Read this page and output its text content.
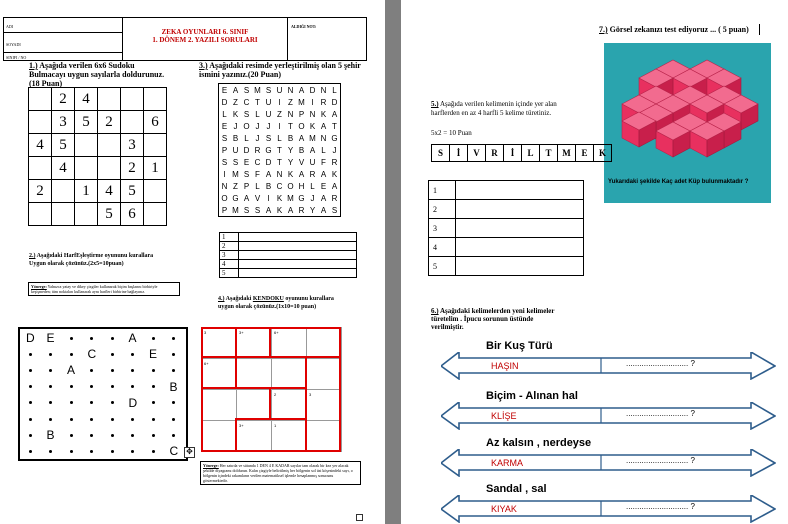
ADI
SOYADI
SINIFI / NO
ZEKA OYUNLARI 6. SINIF
1. DÖNEM 2. YAZILI SORULARI
ALDIĞI NOT:
1.) Aşağıda verilen 6x6 Sudoku
Bulmacayı uygun sayılarla doldurunuz.
(18 Puan)
	2	4			
	3	5	2		6
4	5			3	
	4			2	1
2		1	4	5	
			5	6	
3.) Aşağıdaki resimde yerleştirilmiş olan 5 şehir
ismini yazınız.(20 Puan)
E	A	S	M	S	U	N	A	D	N	L
D	Z	C	T	U	I	Z	M	I	R	D
L	K	S	L	U	Z	N	P	N	K	A
E	J	O	J	J	I	T	O	K	A	T
S	B	L	J	S	L	B	A	M	N	G
P	U	D	R	G	T	Y	B	A	L	J
S	S	E	C	D	T	Y	V	U	F	R
I	M	S	F	A	N	K	A	R	A	K
N	Z	P	L	B	C	O	H	L	E	A
O	G	A	V	I	K	M	G	J	A	R
P	M	S	S	A	K	A	R	Y	A	S
1	
2	
3	
4	
5	
2.) Aşağıdaki HarfEşleştirme oyununu kurallara
Uygun olarak çözünüz.(2x5=10puan)
Yönerge: Yalnızca yatay ve dikey çizgiler kullanarak biçim başlarını birbiriyle keşişmeden; tüm noktaları kullanarak aynı harfleri birbirine bağlayınız.
D E	A
C	E
A
B
D
B
C ✥
4.) Aşağıdaki KENDOKU oyununu kurallara
uygun olarak çözünüz.(1x10=10 puan)
3	3+	6+
6+
2	3
3+	1
Yönerge: Her satırda ve sütunda 1 DEN 4 E KADAR sayılar tam olarak bir kez yer alacak şekilde diyagramı doldurun. Kalın çizgiyle belirtilmiş her bölgenin sol üst köşesindeki sayı, o bölgenin içindeki rakamların verilen matematiksel işlemle hesaplanmış sonucunu göstermektedir.
7.) Görsel zekanızı test ediyoruz ... ( 5 puan)
Yukarıdaki şekilde Kaç adet Küp bulunmaktadır ?
5.) Aşağıda verilen kelimenin içinde yer alan
harflerden en az 4 harfli 5 kelime türetiniz.
5x2 = 10 Puan
S	İ	V	R	İ	L	T	M	E	K
1	
2	
3	
4	
5	
6.) Aşağıdaki kelimelerden yeni kelimeler
türetelim . İpucu sorunun üstünde
verilmiştir.
Bir Kuş Türü
HAŞIN	............................ ?
Biçim - Alınan hal
KLİŞE	............................ ?
Az kalsın , nerdeyse
KARMA	............................ ?
Sandal , sal
KIYAK	............................ ?
